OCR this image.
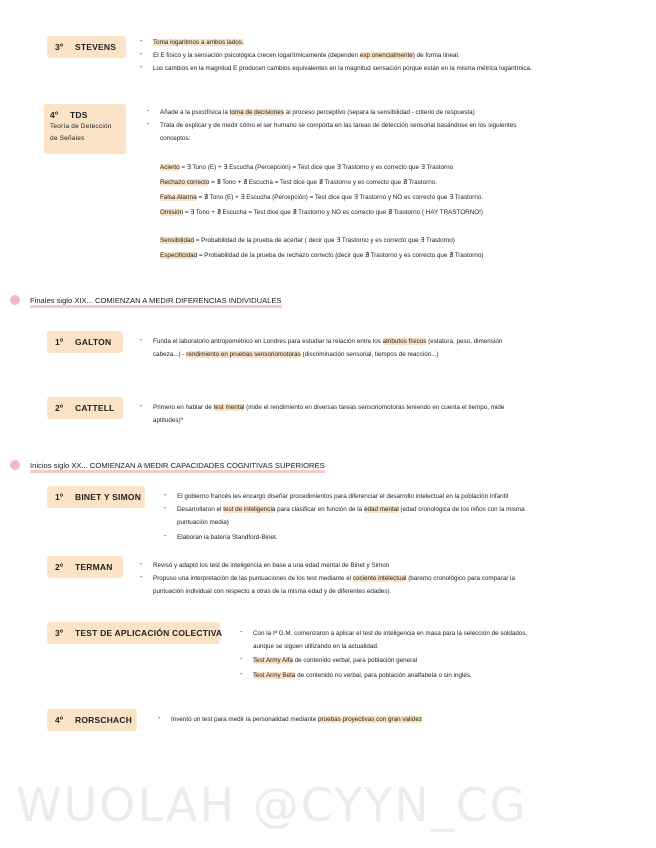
3º STEVENS
- Toma logaritmos a ambos lados.
- El E físico y la sensación psicológica crecen logarítmicamente (dependen exp onencialmente) de forma lineal.
- Los cambios en la magnitud E producen cambios equivalentes en la magnitud sensación porque están en la misma métrica logarítmica.
4º TDS
Teoría de Detección
de Señales
- Añade a la psicofísica la toma de decisiones al proceso perceptivo (separa la sensibilidad - criterio de respuesta)
- Trata de explicar y de medir cómo el ser humano se comporta en las tareas de detección sensorial basándose en los siguientes
conceptos:
Acierto = ∃ Tono (E) + ∃ Escucha (Percepción) = Test dice que ∃ Trastorno y es correcto que ∃ Trastorno
Rechazo correcto = ∄ Tono + ∄ Escucha = Test dice que ∄ Trastorno y es correcto que ∄ Trastorno.
Falsa Alarma = ∄ Tono (E) + ∃ Escucha (Percepción) = Test dice que ∃ Trastorno y NO es correcto que ∃ Trastorno.
Omisión = ∃ Tono + ∄ Escucha = Test dice que ∄ Trastorno y NO es correcto que ∄ Trastorno ( HAY TRASTORNO!)
Sensibilidad = Probabilidad de la prueba de acertar ( decir que ∃ Trastorno y es correcto que ∃ Trastorno)
Especificidad = Probabilidad de la prueba de rechazo correcto (decir que ∄ Trastorno y es correcto que ∄ Trastorno)
Finales siglo XIX... COMIENZAN A MEDIR DIFERENCIAS INDIVIDUALES
1º GALTON	- Funda el laboratorio antropométrico en Londres para estudiar la relación entre los atributos físicos (estatura, peso, dimensión
cabeza...) - rendimiento en pruebas sensoriomotoras (discriminación sensorial, tiempos de reacción...)
2º CATTELL	- Primero en hablar de test mental (mide el rendimiento en diversas tareas sensoriomotoras teniendo en cuenta el tiempo, mide
aptitudes)*
Inicios siglo XX... COMIENZAN A MEDIR CAPACIDADES COGNITIVAS SUPERIORES
1º BINET Y SIMON	- El gobierno francés les encargó diseñar procedimientos para diferenciar el desarrollo intelectual en la población infantil
- Desarrollaron el test de inteligencia para clasificar en función de la edad mental (edad cronológica de los niños con la misma
puntuación media)
- Elaboran la batería Standford-Binet.
2º TERMAN	- Revisó y adaptó los test de inteligencia en base a una edad mental de Binet y Simon
- Propuso una interpretación de las puntuaciones de los test mediante el cociente intelectual (baremo cronológico para comparar la
puntuación individual con respecto a otras de la misma edad y de diferentes edades).
3º TEST DE APLICACIÓN COLECTIVA	- Con la Iª G.M. comenzaron a aplicar el test de inteligencia en masa para la selección de soldados,
aunque se siguen utilizando en la actualidad.
- Test Army Alfa de contenido verbal, para población general
- Test Army Beta de contenido no verbal, para población analfabeta o sin inglés.
4º RORSCHACH	- Inventó un test para medir la personalidad mediante pruebas proyectivas con gran validez
WUOLAH @CYYN_CG
